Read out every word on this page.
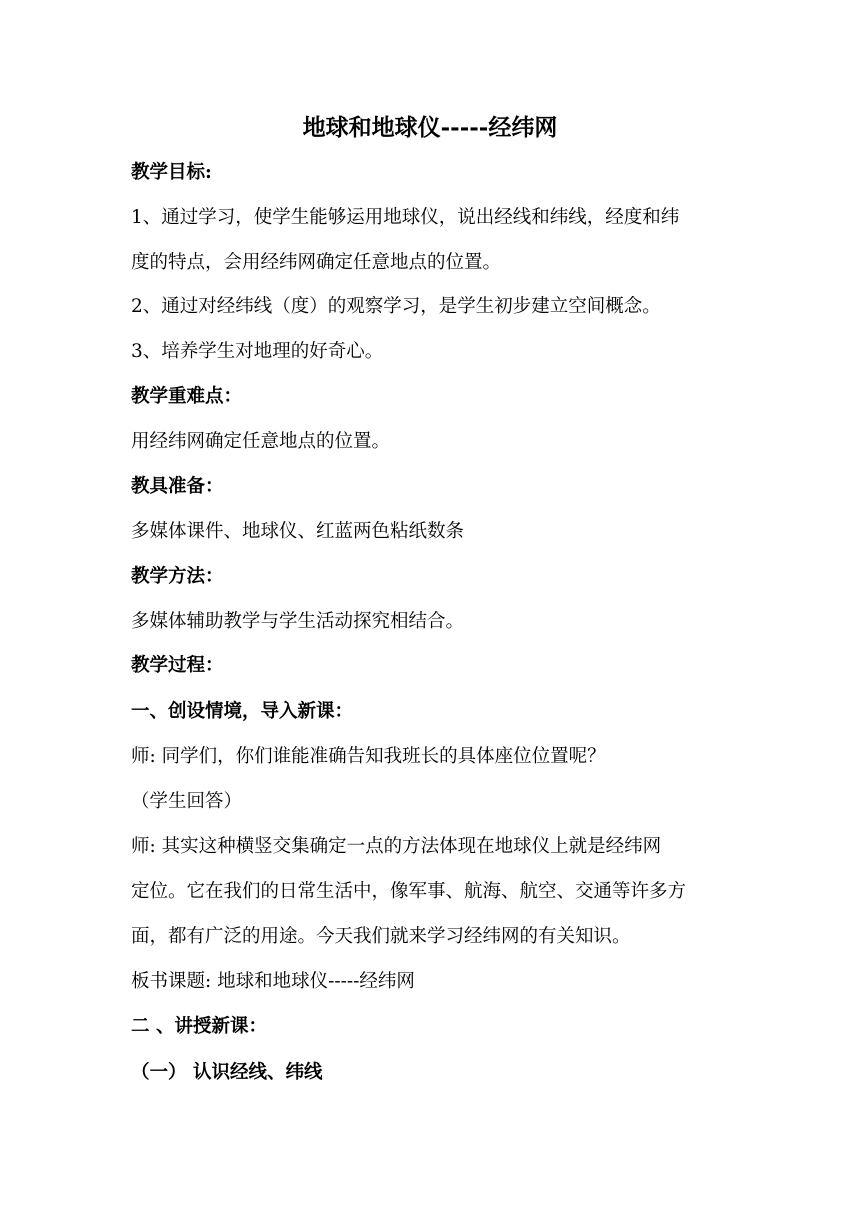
地球和地球仪-----经纬网
教学目标:
1、通过学习，使学生能够运用地球仪，说出经线和纬线，经度和纬
度的特点，会用经纬网确定任意地点的位置。
2、通过对经纬线（度）的观察学习，是学生初步建立空间概念。
3、培养学生对地理的好奇心。
教学重难点：
用经纬网确定任意地点的位置。
教具准备：
多媒体课件、地球仪、红蓝两色粘纸数条
教学方法：
多媒体辅助教学与学生活动探究相结合。
教学过程：
一、创设情境，导入新课：
师: 同学们，你们谁能准确告知我班长的具体座位位置呢？
（学生回答）
师: 其实这种横竖交集确定一点的方法体现在地球仪上就是经纬网
定位。它在我们的日常生活中，像军事、航海、航空、交通等许多方
面，都有广泛的用途。今天我们就来学习经纬网的有关知识。
板书课题: 地球和地球仪-----经纬网
二 、讲授新课：
（一） 认识经线、纬线
